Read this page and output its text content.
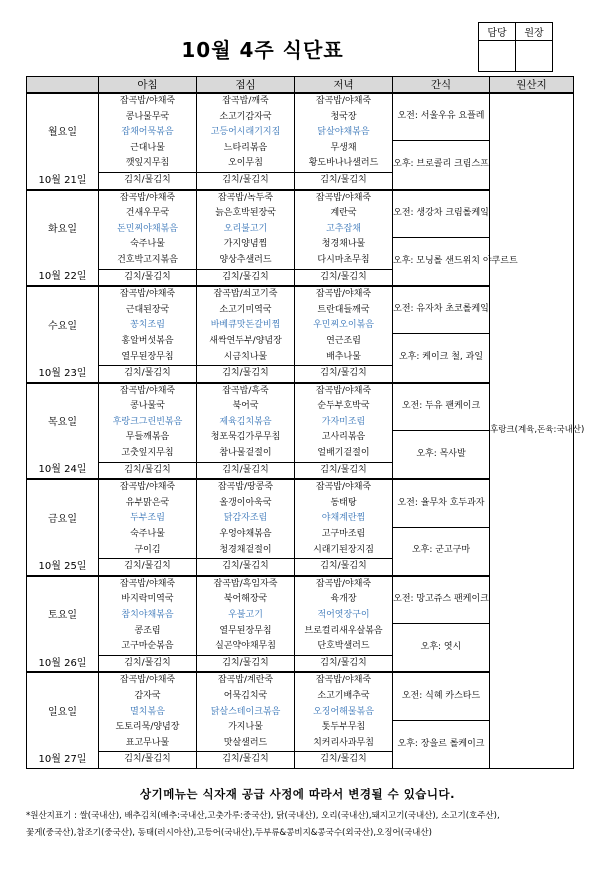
10월 4주 식단표
담당	원장

	아침	점심	저녁	간식	원산지
월요일	잡곡밥/야채죽	잡곡밥/깨죽	잡곡밥/야채죽	오전: 서울우유 요플레	후랑크(계육,돈육:국내산)
	콩나물무국	소고기감자국	청국장		
	잡채어묵볶음	고등어시래기지짐	닭살야채볶음		
	근대나물	느타리볶음	무생채	오후: 브로콜리 크림스프	
	깻잎지무침	오이무침	황도바나나샐러드		
10월 21일	김치/물김치	김치/물김치	김치/물김치		
화요일	잡곡밥/야채죽	잡곡밥/녹두죽	잡곡밥/야채죽	오전: 생강차 크림롤케잌	
	건새우무국	늙은호박된장국	계란국		
	돈민찌야채볶음	오리불고기	고추잡채		
	숙주나물	가지양념찜	청경채나물	오후: 모닝롤 샌드위치 야쿠르트	
	건호박고지볶음	양상추샐러드	다시마초무침		
10월 22일	김치/물김치	김치/물김치	김치/물김치		
수요일	잡곡밥/야채죽	잡곡밥/쇠고기죽	잡곡밥/야채죽	오전: 유자차 초코롤케잌	
	근대된장국	소고기미역국	트란대들깨국		
	꽁치조림	바베큐맛돈갈비찜	우민찌오이볶음		
	홍알버섯볶음	새싹연두부/양념장	연근조림	오후: 케이크 철, 과일	
	열무된장무침	시금치나물	배추나물		
10월 23일	김치/물김치	김치/물김치	김치/물김치		
목요일	잡곡밥/야채죽	잡곡밥/흑죽	잡곡밥/야채죽	오전: 두유 팬케이크	
	콩나물국	북어국	순두부호박국		
	후랑크그린빈볶음	제육김치볶음	가자미조림		
	무들깨볶음	청포묵김가루무침	고사리볶음	오후: 목사발	
	고춧잎지무침	참나물겉절이	얼배기겉절이		
10월 24일	김치/물김치	김치/물김치	김치/물김치		
금요일	잡곡밥/야채죽	잡곡밥/땅콩죽	잡곡밥/야채죽	오전: 율무차 호두과자	
	유부맑은국	올갱이아욱국	동태탕		
	두부조림	닭감자조림	야채계란찜		
	숙주나물	우엉야채볶음	고구마조림	오후: 군고구마	
	구이김	청경채겉절이	시래기된장지짐		
10월 25일	김치/물김치	김치/물김치	김치/물김치		
토요일	잡곡밥/야채죽	잡곡밥/흑임자죽	잡곡밥/야채죽	오전: 망고쥬스 팬케이크	
	바지락미역국	북어해장국	육개장		
	참치야채볶음	우불고기	적어엿장구이		
	콩조림	열무된장무침	브로컬리새우살볶음	오후: 엿시	
	고구마순볶음	실곤약야채무침	단호박샐러드		
10월 26일	김치/물김치	김치/물김치	김치/물김치		
일요일	잡곡밥/야채죽	잡곡밥/계란죽	잡곡밥/야채죽	오전: 식혜 카스타드	
	감자국	어묵김치국	소고기배추국		
	멸치볶음	닭살스테이크볶음	오징어해물볶음		
	도토리묵/양념장	가지나물	톳두부무침	오후: 장을르 롤케이크	
	표고무나물	맛살샐러드	치커리사과무침		
10월 27일	김치/물김치	김치/물김치	김치/물김치		
상기메뉴는 식자재 공급 사정에 따라서 변경될 수 있습니다.
*원산지표기 : 쌀(국내산), 배추김치(배추:국내산,고춧가루:중국산), 닭(국내산), 오리(국내산),돼지고기(국내산), 소고기(호주산),
꽃게(중국산),참조기(중국산), 동태(러시아산),고등어(국내산),두부류&콩비지&콩국수(외국산),오징어(국내산)
